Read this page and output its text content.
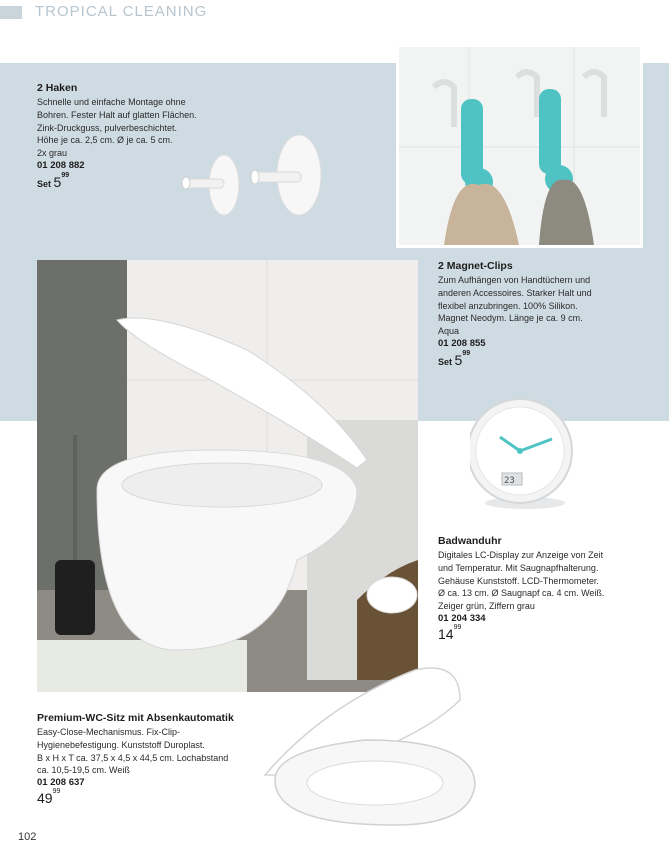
TROPICAL CLEANING
23
2 Haken
Schnelle und einfache Montage ohne
Bohren. Fester Halt auf glatten Flächen.
Zink-Druckguss, pulverbeschichtet.
Höhe je ca. 2,5 cm. Ø je ca. 5 cm.
2x grau
01 208 882
Set $5^{99}$
2 Magnet-Clips
Zum Aufhängen von Handtüchern und
anderen Accessoires. Starker Halt und
flexibel anzubringen. 100% Silikon.
Magnet Neodym. Länge je ca. 9 cm.
Aqua
01 208 855
Set $5^{99}$
Badwanduhr
Digitales LC-Display zur Anzeige von Zeit
und Temperatur. Mit Saugnapfhalterung.
Gehäuse Kunststoff. LCD-Thermometer.
Ø ca. 13 cm. Ø Saugnapf ca. 4 cm. Weiß.
Zeiger grün, Ziffern grau
01 204 334
$14^{99}$
Premium-WC-Sitz mit Absenkautomatik
Easy-Close-Mechanismus. Fix-Clip-
Hygienebefestigung. Kunststoff Duroplast.
B x H x T ca. 37,5 x 4,5 x 44,5 cm. Lochabstand
ca. 10,5-19,5 cm. Weiß
01 208 637
$49^{99}$
102
